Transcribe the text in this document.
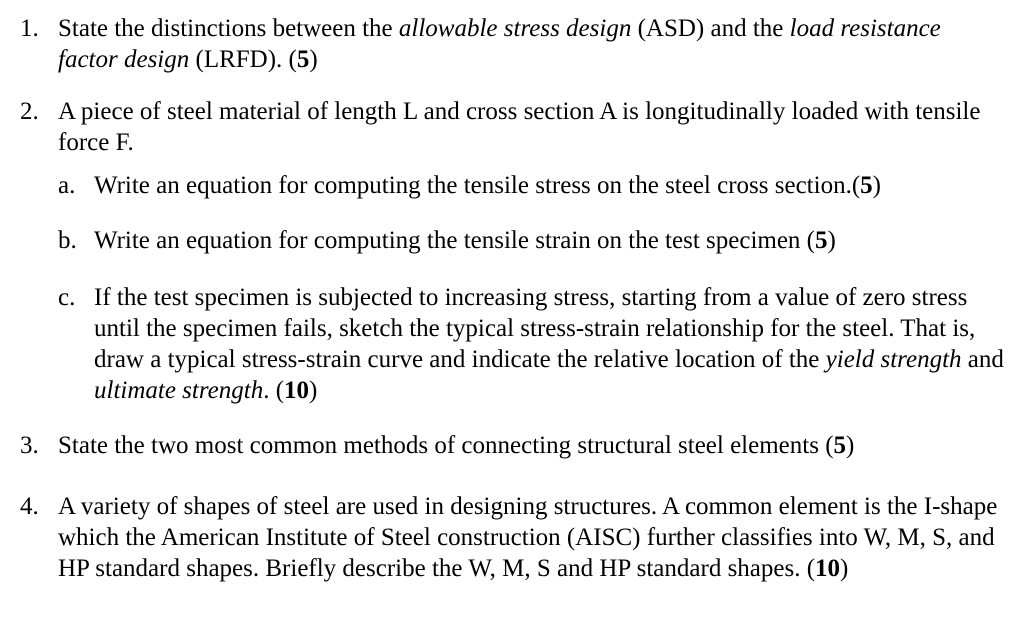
1. State the distinctions between the allowable stress design (ASD) and the load resistance factor design (LRFD). (5)
2. A piece of steel material of length L and cross section A is longitudinally loaded with tensile force F.
a. Write an equation for computing the tensile stress on the steel cross section.(5)
b. Write an equation for computing the tensile strain on the test specimen (5)
c. If the test specimen is subjected to increasing stress, starting from a value of zero stress until the specimen fails, sketch the typical stress-strain relationship for the steel. That is, draw a typical stress-strain curve and indicate the relative location of the yield strength and ultimate strength. (10)
3. State the two most common methods of connecting structural steel elements (5)
4. A variety of shapes of steel are used in designing structures. A common element is the I-shape which the American Institute of Steel construction (AISC) further classifies into W, M, S, and HP standard shapes. Briefly describe the W, M, S and HP standard shapes. (10)
